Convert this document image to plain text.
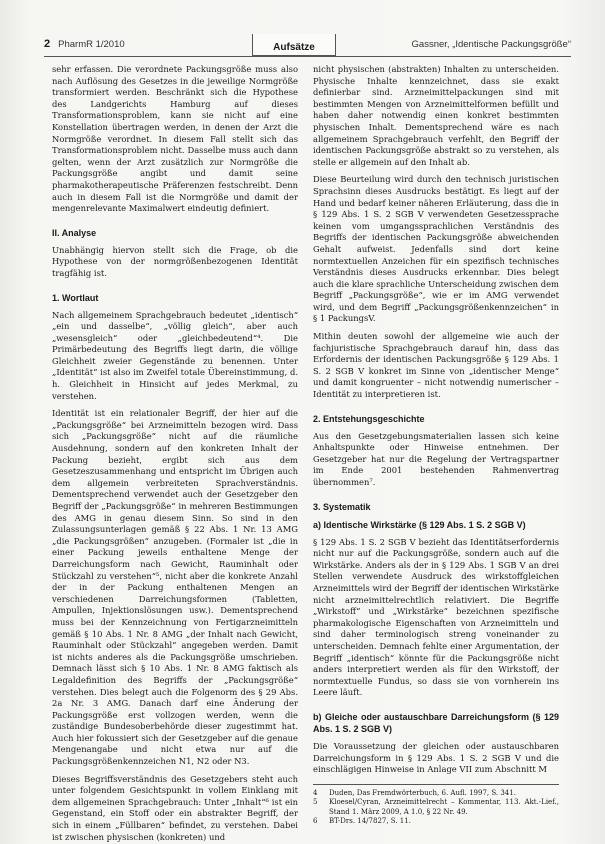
2 PharmR 1/2010	Gassner, „Identische Packungsgröße“
Aufsätze

sehr erfassen. Die verordnete Packungsgröße muss also nach Auflösung des Gesetzes in die jeweilige Normgröße transformiert werden. Beschränkt sich die Hypothese des Landgerichts Hamburg auf dieses Transformationsproblem, kann sie nicht auf eine Konstellation übertragen werden, in denen der Arzt die Normgröße verordnet. In diesem Fall stellt sich das Transformationsproblem nicht. Dasselbe muss auch dann gelten, wenn der Arzt zusätzlich zur Normgröße die Packungsgröße angibt und damit seine pharmakotherapeutische Präferenzen festschreibt. Denn auch in diesem Fall ist die Normgröße und damit der mengenrelevante Maximalwert eindeutig definiert.

II. Analyse

Unabhängig hiervon stellt sich die Frage, ob die Hypothese von der normgrößenbezogenen Identität tragfähig ist.

1. Wortlaut

Nach allgemeinem Sprachgebrauch bedeutet „identisch“ „ein und dasselbe“, „völlig gleich“, aber auch „wesensgleich“ oder „gleichbedeutend“⁴. Die Primärbedeutung des Begriffs liegt darin, die völlige Gleichheit zweier Gegenstände zu benennen. Unter „Identität“ ist also im Zweifel totale Übereinstimmung, d. h. Gleichheit in Hinsicht auf jedes Merkmal, zu verstehen.

Identität ist ein relationaler Begriff, der hier auf die „Packungsgröße“ bei Arzneimitteln bezogen wird. Dass sich „Packungsgröße“ nicht auf die räumliche Ausdehnung, sondern auf den konkreten Inhalt der Packung bezieht, ergibt sich aus dem Gesetzeszusammenhang und entspricht im Übrigen auch dem allgemein verbreiteten Sprachverständnis. Dementsprechend verwendet auch der Gesetzgeber den Begriff der „Packungsgröße“ in mehreren Bestimmungen des AMG in genau diesem Sinn. So sind in den Zulassungsunterlagen gemäß § 22 Abs. 1 Nr. 13 AMG „die Packungsgrößen“ anzugeben. (Formaler ist „die in einer Packung jeweils enthaltene Menge der Darreichungsform nach Gewicht, Rauminhalt oder Stückzahl zu verstehen“⁵, nicht aber die konkrete Anzahl der in der Packung enthaltenen Mengen an verschiedenen Darreichungsformen (Tabletten, Ampullen, Injektionslösungen usw.). Dementsprechend muss bei der Kennzeichnung von Fertigarzneimitteln gemäß § 10 Abs. 1 Nr. 8 AMG „der Inhalt nach Gewicht, Rauminhalt oder Stückzahl“ angegeben werden. Damit ist nichts anderes als die Packungsgröße umschrieben. Demnach lässt sich § 10 Abs. 1 Nr. 8 AMG faktisch als Legaldefinition des Begriffs der „Packungsgröße“ verstehen. Dies belegt auch die Folgenorm des § 29 Abs. 2a Nr. 3 AMG. Danach darf eine Änderung der Packungsgröße erst vollzogen werden, wenn die zuständige Bundesoberbehörde dieser zugestimmt hat. Auch hier fokussiert sich der Gesetzgeber auf die genaue Mengenangabe und nicht etwa nur auf die Packungsgrößenkennzeichen N1, N2 oder N3.

Dieses Begriffsverständnis des Gesetzgebers steht auch unter folgendem Gesichtspunkt in vollem Einklang mit dem allgemeinen Sprachgebrauch: Unter „Inhalt“⁶ ist ein Gegenstand, ein Stoff oder ein abstrakter Begriff, der sich in einem „Füllbaren“ befindet, zu verstehen. Dabei ist zwischen physischen (konkreten) und

nicht physischen (abstrakten) Inhalten zu unterscheiden. Physische Inhalte kennzeichnet, dass sie exakt definierbar sind. Arzneimittelpackungen sind mit bestimmten Mengen von Arzneimittelformen befüllt und haben daher notwendig einen konkret bestimmten physischen Inhalt. Dementsprechend wäre es nach allgemeinem Sprachgebrauch verfehlt, den Begriff der identischen Packungsgröße abstrakt so zu verstehen, als stelle er allgemein auf den Inhalt ab.

Diese Beurteilung wird durch den technisch juristischen Sprachsinn dieses Ausdrucks bestätigt. Es liegt auf der Hand und bedarf keiner näheren Erläuterung, dass die in § 129 Abs. 1 S. 2 SGB V verwendeten Gesetzessprache keinen vom umgangssprachlichen Verständnis des Begriffs der identischen Packungsgröße abweichenden Gehalt aufweist. Jedenfalls sind dort keine normtextuellen Anzeichen für ein spezifisch technisches Verständnis dieses Ausdrucks erkennbar. Dies belegt auch die klare sprachliche Unterscheidung zwischen dem Begriff „Packungsgröße“, wie er im AMG verwendet wird, und dem Begriff „Packungsgrößenkennzeichen“ in § 1 PackungsV.

Mithin deuten sowohl der allgemeine wie auch der fachjuristische Sprachgebrauch darauf hin, dass das Erfordernis der identischen Packungsgröße § 129 Abs. 1 S. 2 SGB V konkret im Sinne von „identischer Menge“ und damit kongruenter – nicht notwendig numerischer – Identität zu interpretieren ist.

2. Entstehungsgeschichte

Aus den Gesetzgebungsmaterialien lassen sich keine Anhaltspunkte oder Hinweise entnehmen. Der Gesetzgeber hat nur die Regelung der Vertragspartner im Ende 2001 bestehenden Rahmenvertrag übernommen⁷.

3. Systematik
a) Identische Wirkstärke (§ 129 Abs. 1 S. 2 SGB V)

§ 129 Abs. 1 S. 2 SGB V bezieht das Identitätserfordernis nicht nur auf die Packungsgröße, sondern auch auf die Wirkstärke. Anders als der in § 129 Abs. 1 SGB V an drei Stellen verwendete Ausdruck des wirkstoffgleichen Arzneimittels wird der Begriff der identischen Wirkstärke nicht arzneimittelrechtlich relativiert. Die Begriffe „Wirkstoff“ und „Wirkstärke“ bezeichnen spezifische pharmakologische Eigenschaften von Arzneimitteln und sind daher terminologisch streng voneinander zu unterscheiden. Demnach fehlte einer Argumentation, der Begriff „identisch“ könnte für die Packungsgröße nicht anders interpretiert werden als für den Wirkstoff, der normtextuelle Fundus, so dass sie von vornherein ins Leere läuft.

b) Gleiche oder austauschbare Darreichungsform (§ 129 Abs. 1 S. 2 SGB V)

Die Voraussetzung der gleichen oder austauschbaren Darreichungsform in § 129 Abs. 1 S. 2 SGB V und die einschlägigen Hinweise in Anlage VII zum Abschnitt M

4	Duden, Das Fremdwörterbuch, 6. Aufl. 1997, S. 341.
5	Kloesel/Cyran, Arzneimittelrecht – Kommentar, 113. Akt.-Lief., Stand 1. März 2009, A 1.0, § 22 Nr. 49.
6	BT-Drs. 14/7827, S. 11.
